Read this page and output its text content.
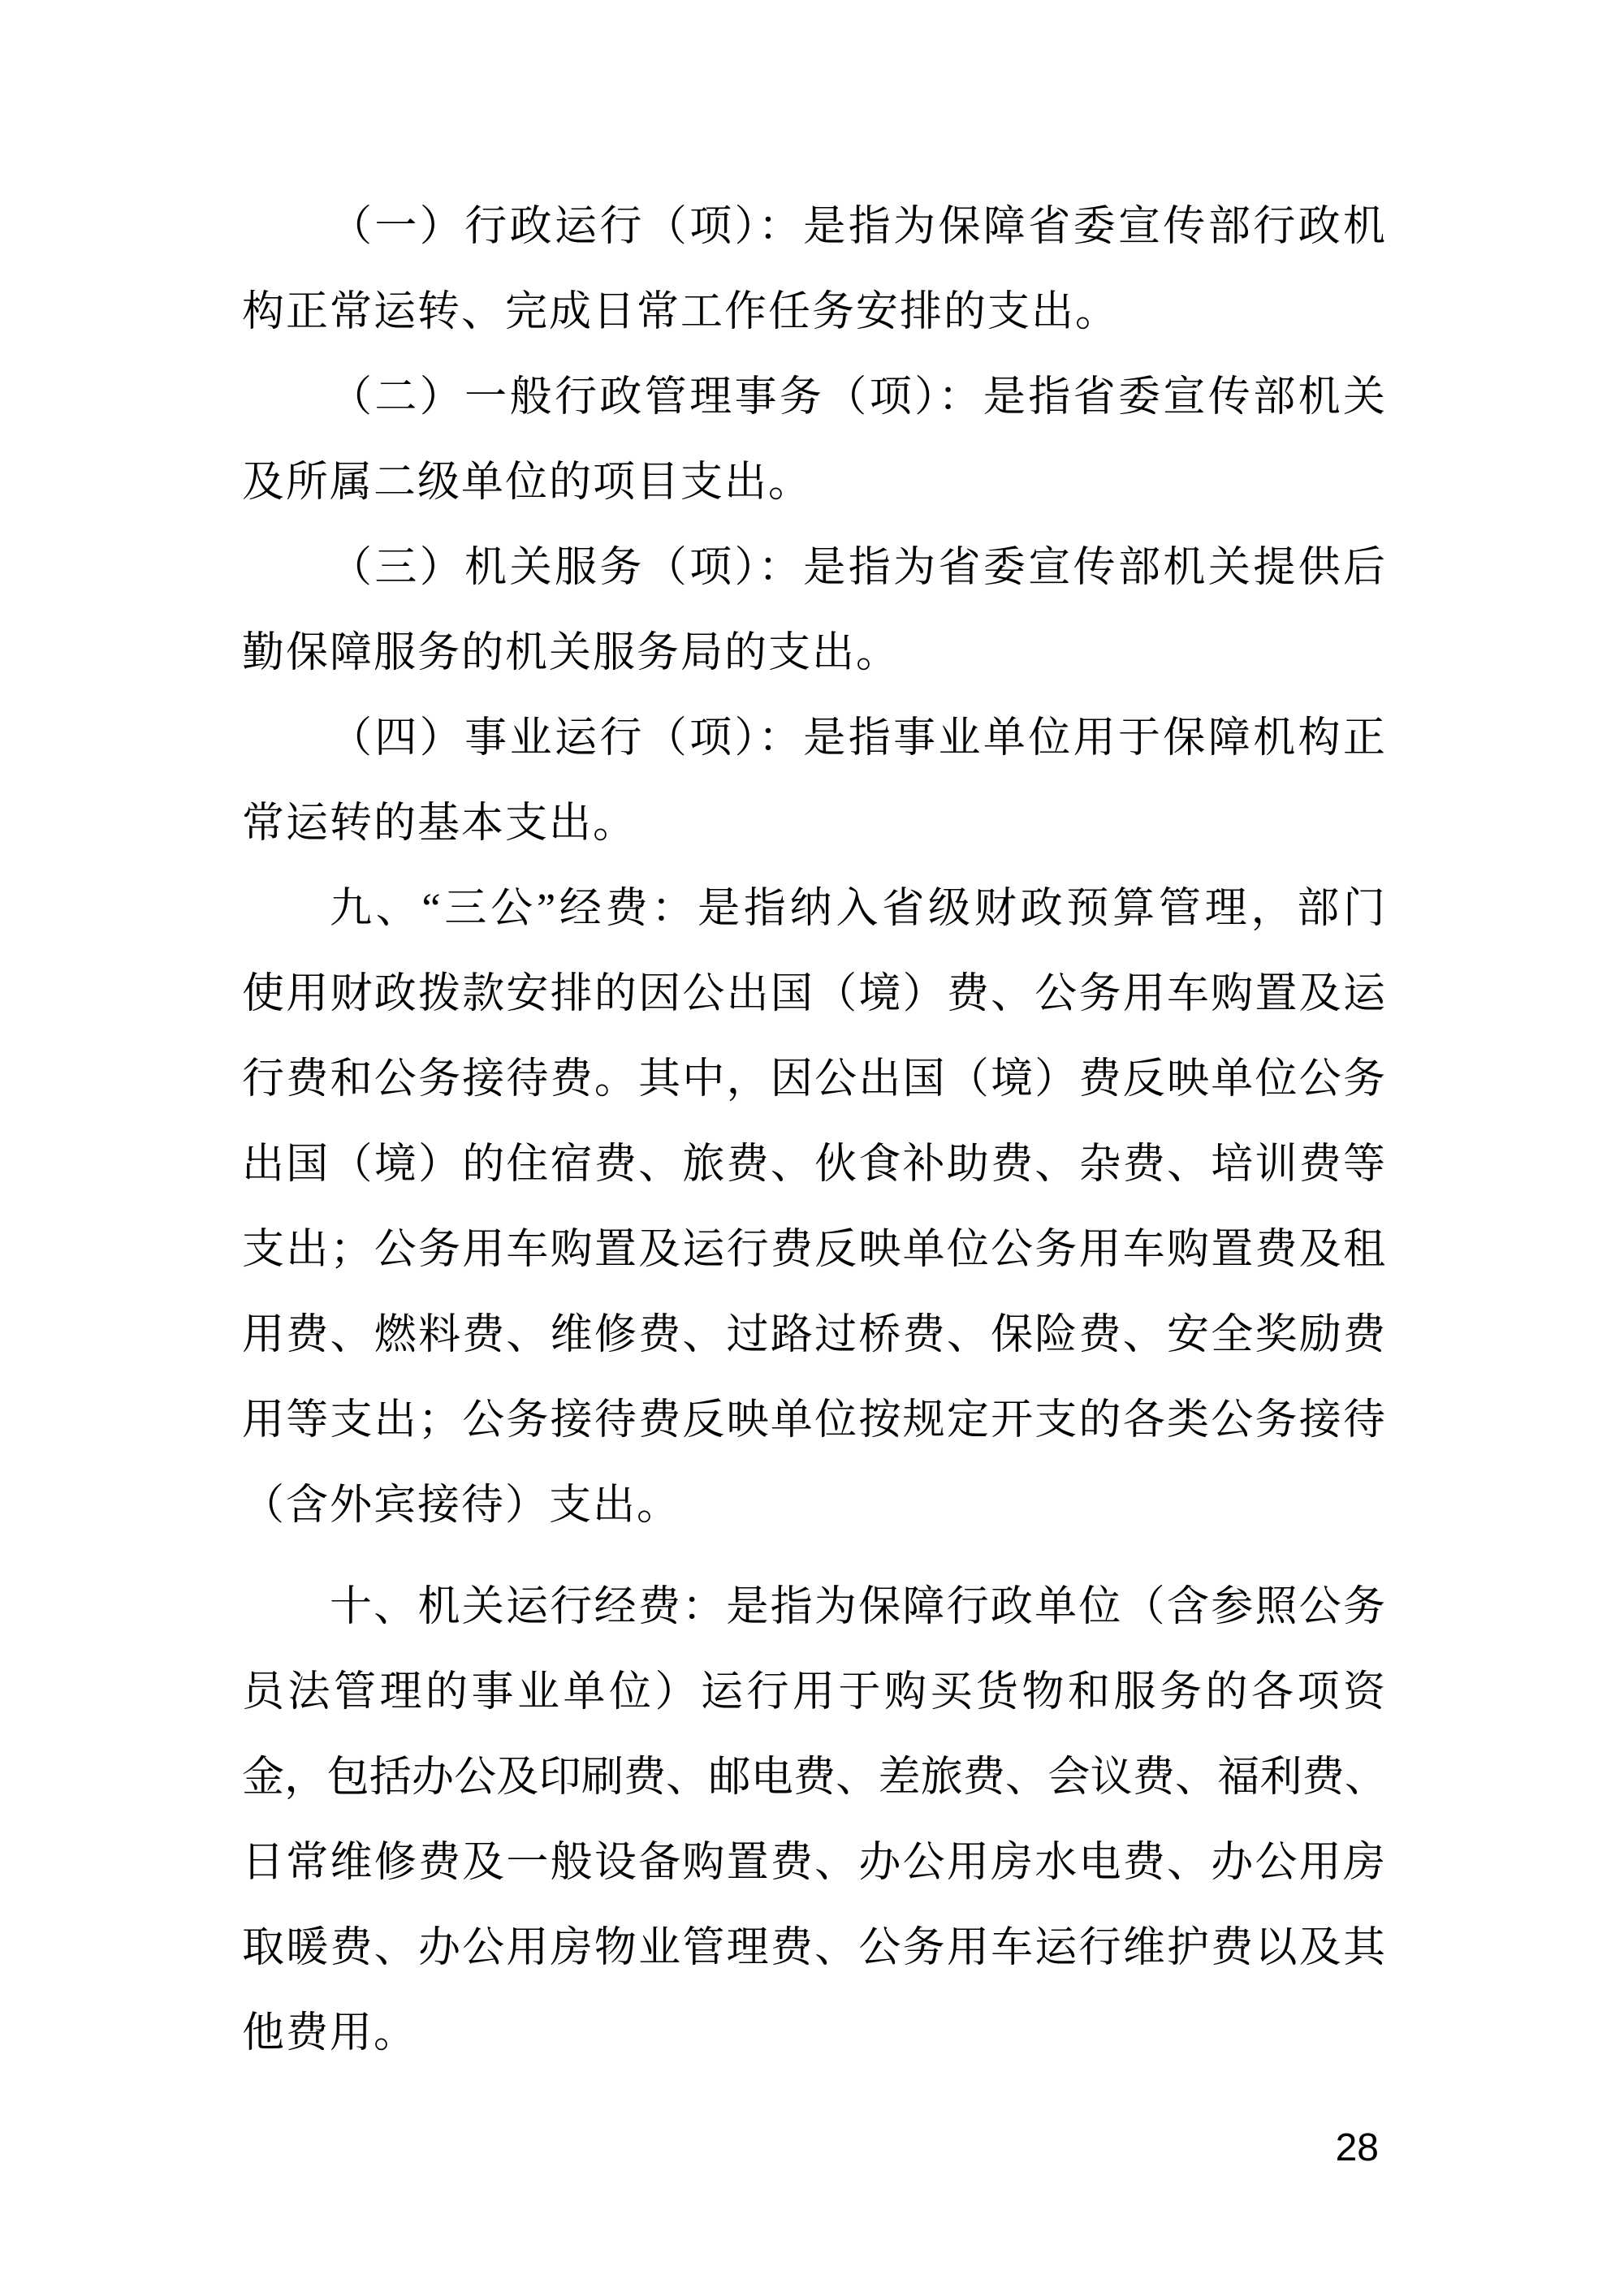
（一）行政运行（项）：是指为保障省委宣传部行政机
构正常运转、完成日常工作任务安排的支出。
（二）一般行政管理事务（项）：是指省委宣传部机关
及所属二级单位的项目支出。
（三）机关服务（项）：是指为省委宣传部机关提供后
勤保障服务的机关服务局的支出。
（四）事业运行（项）：是指事业单位用于保障机构正
常运转的基本支出。
九、“三公”经费：是指纳入省级财政预算管理，部门
使用财政拨款安排的因公出国（境）费、公务用车购置及运
行费和公务接待费。其中，因公出国（境）费反映单位公务
出国（境）的住宿费、旅费、伙食补助费、杂费、培训费等
支出；公务用车购置及运行费反映单位公务用车购置费及租
用费、燃料费、维修费、过路过桥费、保险费、安全奖励费
用等支出；公务接待费反映单位按规定开支的各类公务接待
（含外宾接待）支出。
十、机关运行经费：是指为保障行政单位（含参照公务
员法管理的事业单位）运行用于购买货物和服务的各项资
金，包括办公及印刷费、邮电费、差旅费、会议费、福利费、
日常维修费及一般设备购置费、办公用房水电费、办公用房
取暖费、办公用房物业管理费、公务用车运行维护费以及其
他费用。
28
